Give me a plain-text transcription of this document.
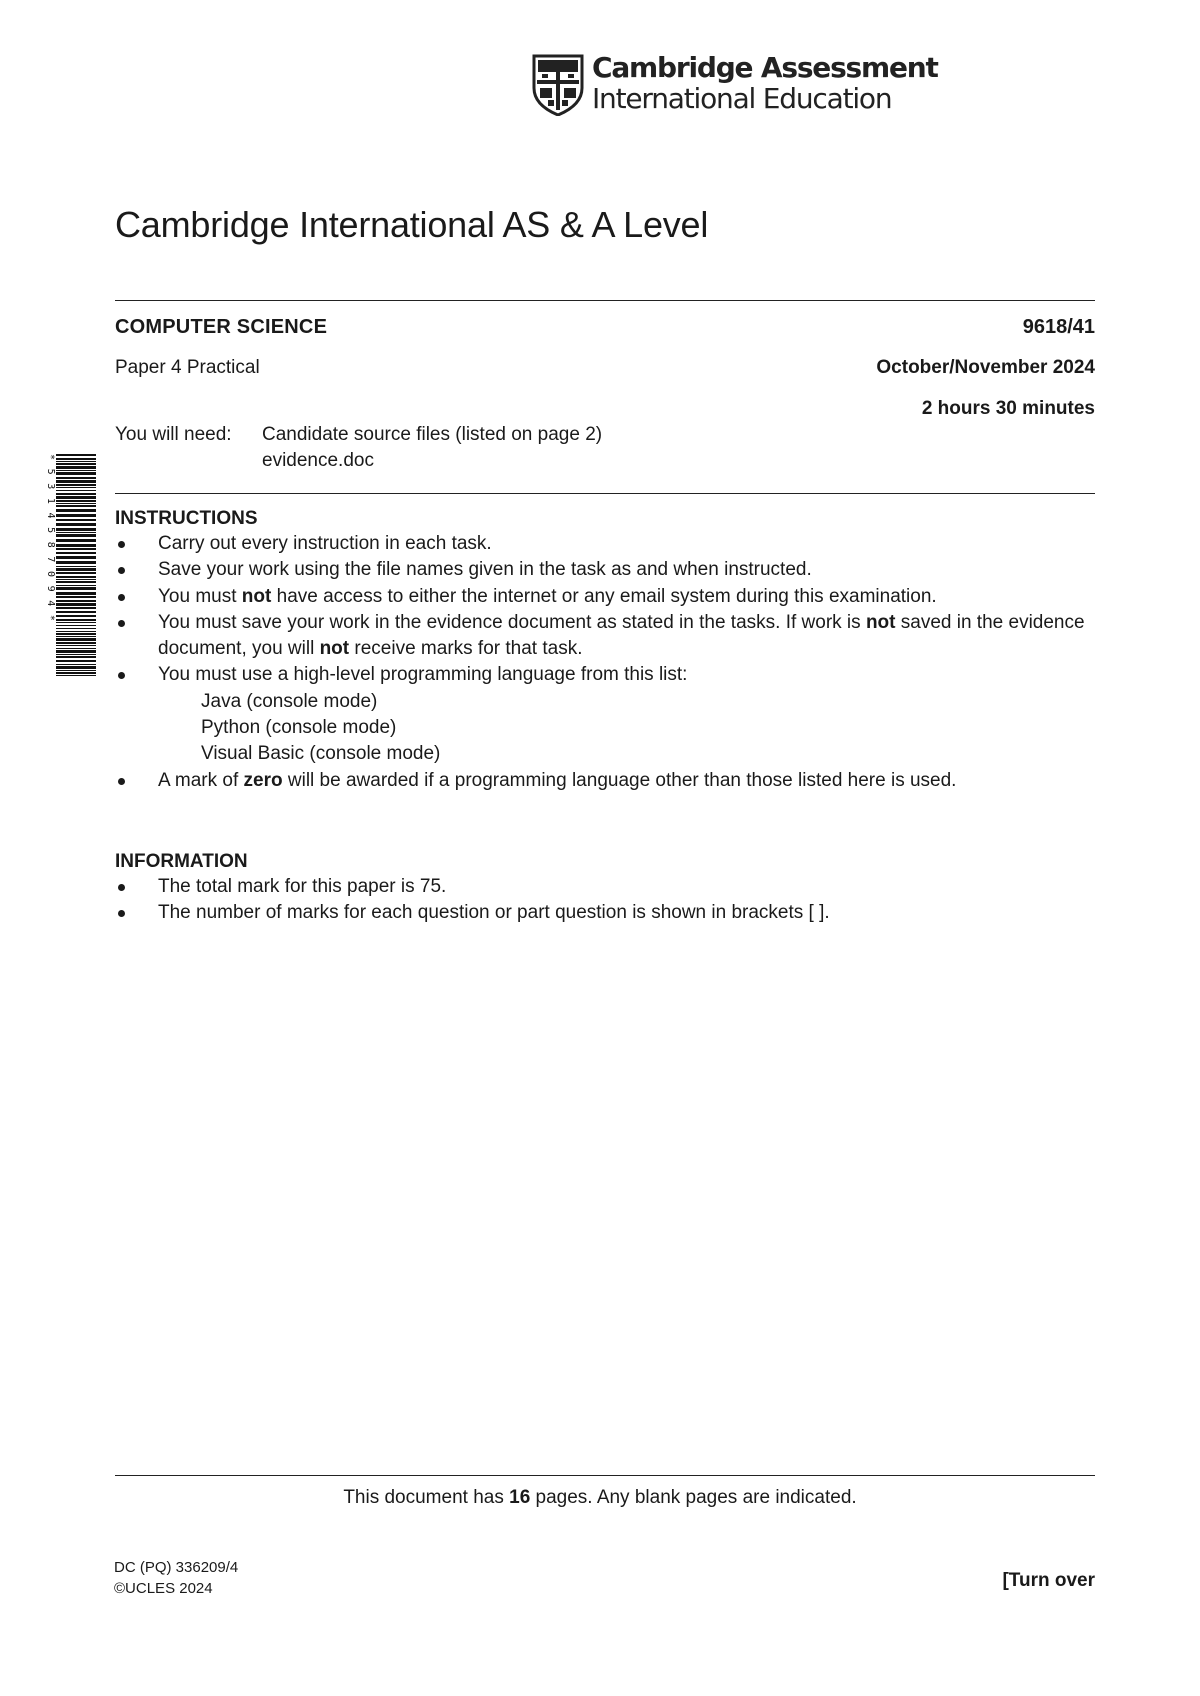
Cambridge Assessment
International Education
Cambridge International AS & A Level
COMPUTER SCIENCE	9618/41
Paper 4 Practical	October/November 2024
2 hours 30 minutes
You will need: Candidate source files (listed on page 2)
evidence.doc
*5314587094*	INSTRUCTIONS
Carry out every instruction in each task.
Save your work using the file names given in the task as and when instructed.
You must not have access to either the internet or any email system during this examination.
You must save your work in the evidence document as stated in the tasks. If work is not saved in the evidence document, you will not receive marks for that task.
You must use a high-level programming language from this list:
Java (console mode)
Python (console mode)
Visual Basic (console mode)
A mark of zero will be awarded if a programming language other than those listed here is used.
INFORMATION
The total mark for this paper is 75.
The number of marks for each question or part question is shown in brackets [ ].
This document has 16 pages. Any blank pages are indicated.
DC (PQ) 336209/4
©UCLES 2024	[Turn over
